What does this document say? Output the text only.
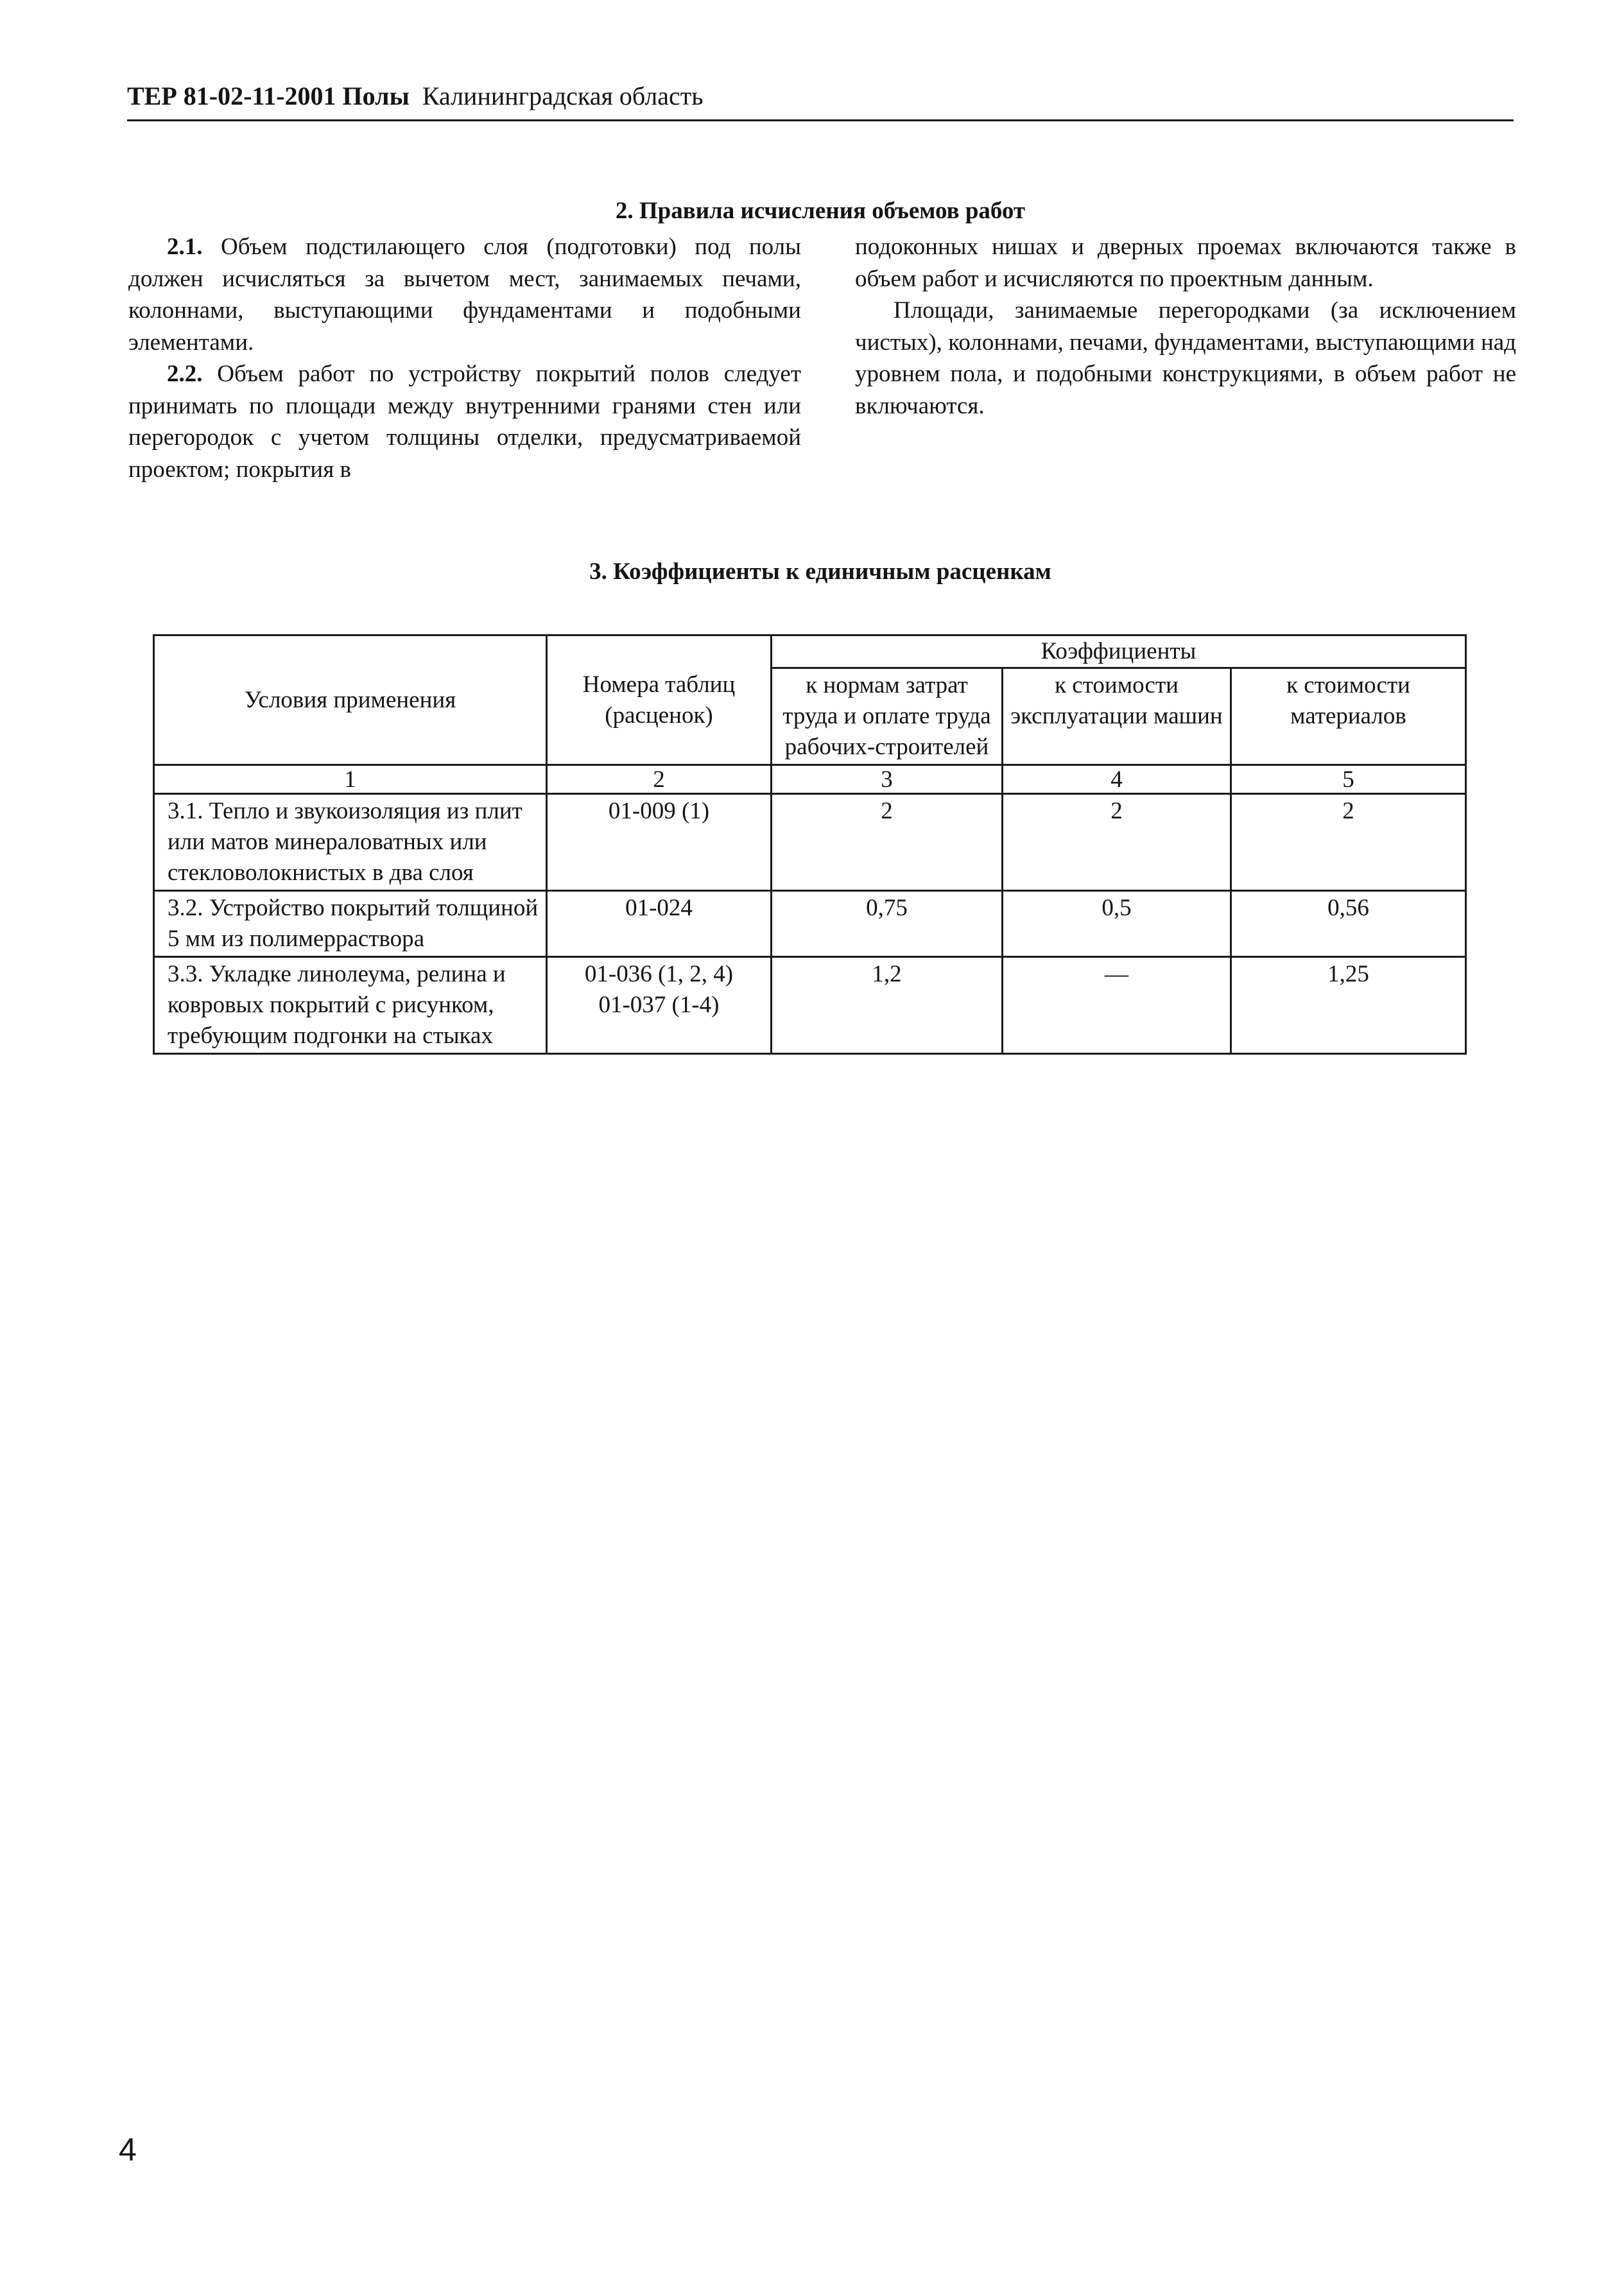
ТЕР 81-02-11-2001 Полы Калининградская область
2. Правила исчисления объемов работ

2.1. Объем подстилающего слоя (подготовки) под полы должен исчисляться за вычетом мест, занимаемых печами, колоннами, выступающими фундаментами и подобными элементами.

2.2. Объем работ по устройству покрытий полов следует принимать по площади между внутренними гранями стен или перегородок с учетом толщины отделки, предусматриваемой проектом; покрытия в

подоконных нишах и дверных проемах включаются также в объем работ и исчисляются по проектным данным.

Площади, занимаемые перегородками (за исключением чистых), колоннами, печами, фундаментами, выступающими над уровнем пола, и подобными конструкциями, в объем работ не включаются.

3. Коэффициенты к единичным расценкам
Условия применения	Номера таблиц (расценок)	Коэффициенты		
		к нормам затрат труда и оплате труда рабочих-строителей	к стоимости эксплуатации машин	к стоимости материалов
1	2	3	4	5
3.1. Тепло и звукоизоляция из плит или матов минераловатных или стекловолокнистых в два слоя	01-009 (1)	2	2	2
3.2. Устройство покрытий толщиной 5 мм из полимерраствора	01-024	0,75	0,5	0,56
3.3. Укладке линолеума, релина и ковровых покрытий с рисунком, требующим подгонки на стыках	01-036 (1, 2, 4)
01-037 (1-4)	1,2	—	1,25
4
